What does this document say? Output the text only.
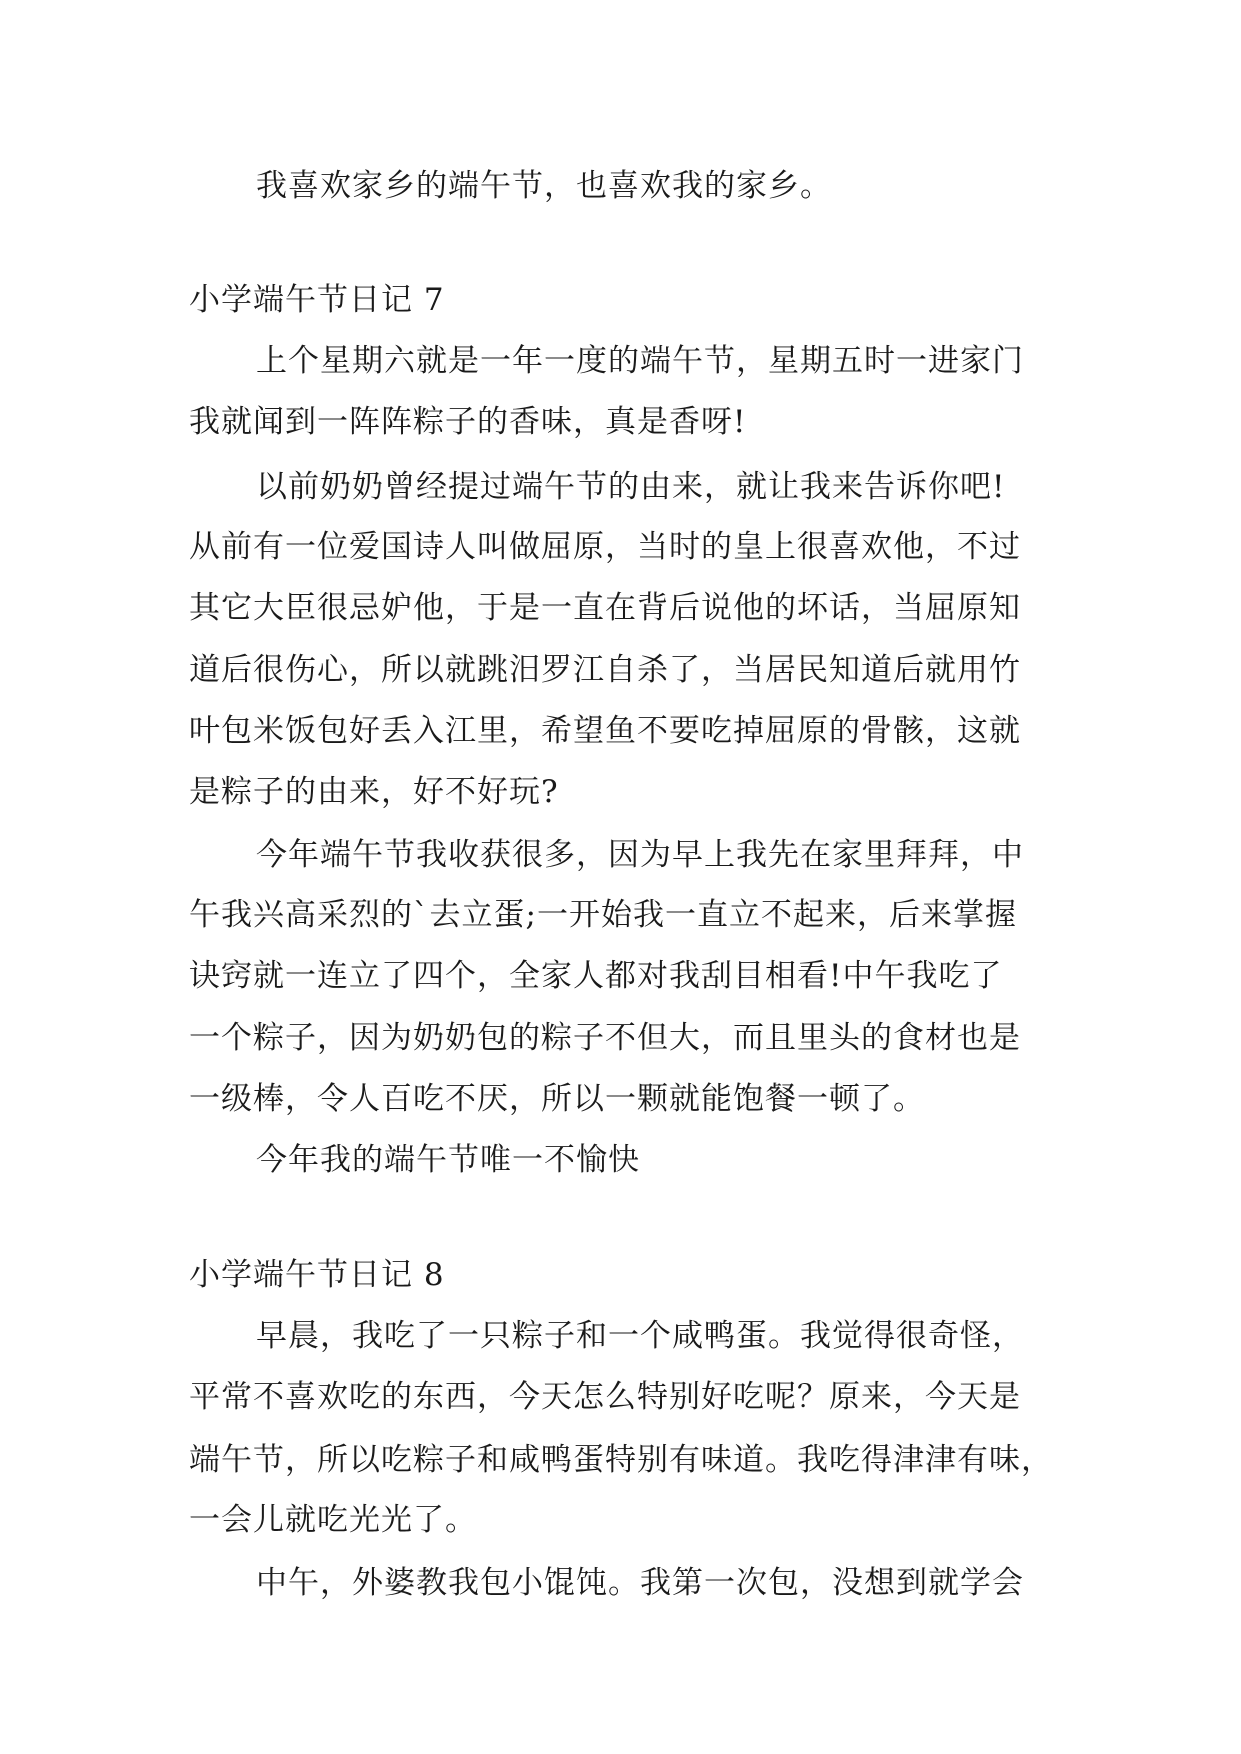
我喜欢家乡的端午节，也喜欢我的家乡。
小学端午节日记 7
上个星期六就是一年一度的端午节，星期五时一进家门
我就闻到一阵阵粽子的香味，真是香呀!
以前奶奶曾经提过端午节的由来，就让我来告诉你吧!
从前有一位爱国诗人叫做屈原，当时的皇上很喜欢他，不过
其它大臣很忌妒他，于是一直在背后说他的坏话，当屈原知
道后很伤心，所以就跳汨罗江自杀了，当居民知道后就用竹
叶包米饭包好丢入江里，希望鱼不要吃掉屈原的骨骸，这就
是粽子的由来，好不好玩?
今年端午节我收获很多，因为早上我先在家里拜拜，中
午我兴高采烈的`去立蛋;一开始我一直立不起来，后来掌握
诀窍就一连立了四个，全家人都对我刮目相看!中午我吃了
一个粽子，因为奶奶包的粽子不但大，而且里头的食材也是
一级棒，令人百吃不厌，所以一颗就能饱餐一顿了。
今年我的端午节唯一不愉快
小学端午节日记 8
早晨，我吃了一只粽子和一个咸鸭蛋。我觉得很奇怪，
平常不喜欢吃的东西，今天怎么特别好吃呢？原来，今天是
端午节，所以吃粽子和咸鸭蛋特别有味道。我吃得津津有味，
一会儿就吃光光了。
中午，外婆教我包小馄饨。我第一次包，没想到就学会
